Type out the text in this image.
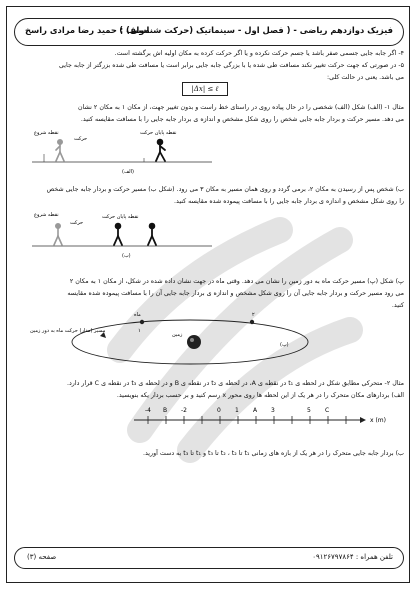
فیزیک دوازدهم ریاضی - ( فصل اول - سینماتیک (حرکت شناسی) )
مولف : حمید رضا مرادی راسخ
۴- اگر جابه جایی جسمی صفر باشد یا جسم حرکت نکرده و یا اگر حرکت کرده به مکان اولیه اش برگشته است.
۵- در صورتی که جهت حرکت تغییر نکند مسافت طی شده یا با بزرگی جابه جایی برابر است یا مسافت طی شده بزرگتر از جابه جایی
می باشد. یعنی در حالت کلی:
|Δx| ≤ ℓ
مثال ۱- (الف) شکل (الف) شخصی را در حال پیاده روی در راستای خط راست و بدون تغییر جهت، از مکان ۱ به مکان ۲ نشان
می دهد. مسیر حرکت و بردار جابه جایی شخص را روی شکل مشخص و اندازه ی بردار جابه جایی را با مسافت مقایسه کنید.
نقطه شروع
حرکت
نقطه پایان حرکت
(الف)
ب) شخص پس از رسیدن به مکان ۲، برمی گردد و روی همان مسیر به مکان ۳ می رود. (شکل ب) مسیر حرکت و بردار جابه جایی شخص
را روی شکل مشخص و اندازه ی بردار جابه جایی را با مسافت پیموده شده مقایسه کنید.
نقطه شروع
حرکت
نقطه پایان حرکت
(ب)
پ) شکل (پ) مسیر حرکت ماه به دور زمین را نشان می دهد. وقتی ماه در جهت نشان داده شده در شکل، از مکان ۱ به مکان ۲
می رود مسیر حرکت و بردار جابه جایی آن را روی شکل مشخص و اندازه ی بردار جابه جایی آن را با مسافت پیموده شده مقایسه
کنید.
مسیر (مدار) حرکت ماه به دور زمین
ماه
زمین
۲
۱
(پ)
مثال ۲- متحرکی مطابق شکل در لحظه ی t₁ در نقطه ی A، در لحظه ی t₂ در نقطه ی B و در لحظه ی t₃ در نقطه ی C قرار دارد.
الف) بردارهای مکان متحرک را در هر یک از این لحظه ها روی محور x رسم کنید و بر حسب بردار یکه بنویسید.
-4 B -2	0 1 A 3	5 C
x (m)
ب) بردار جابه جایی متحرک را در هر یک از بازه های زمانی t₁ تا t₂ ، t₂ تا t₃ و t₁ تا t₃ به دست آورید.
تلفن همراه : ۰۹۱۲۶۷۹۷۸۶۴
صفحه (۳)
